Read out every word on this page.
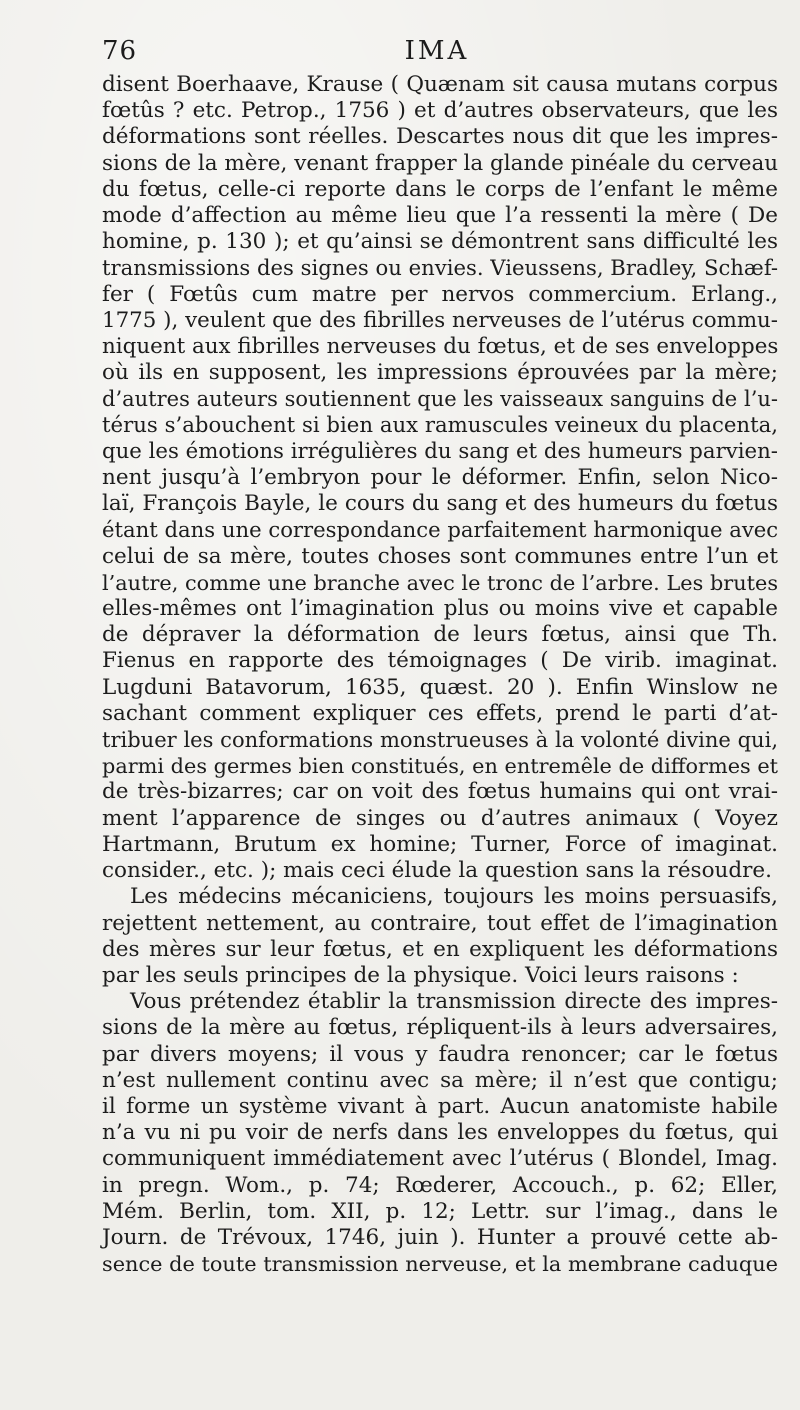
76	IMA
disent Boerhaave, Krause ( Quænam sit causa mutans corpus
fœtûs ? etc. Petrop., 1756 ) et d’autres observateurs, que les
déformations sont réelles. Descartes nous dit que les impres-
sions de la mère, venant frapper la glande pinéale du cerveau
du fœtus, celle-ci reporte dans le corps de l’enfant le même
mode d’affection au même lieu que l’a ressenti la mère ( De
homine, p. 130 ); et qu’ainsi se démontrent sans difficulté les
transmissions des signes ou envies. Vieussens, Bradley, Schæf-
fer ( Fœtûs cum matre per nervos commercium. Erlang.,
1775 ), veulent que des fibrilles nerveuses de l’utérus commu-
niquent aux fibrilles nerveuses du fœtus, et de ses enveloppes
où ils en supposent, les impressions éprouvées par la mère;
d’autres auteurs soutiennent que les vaisseaux sanguins de l’u-
térus s’abouchent si bien aux ramuscules veineux du placenta,
que les émotions irrégulières du sang et des humeurs parvien-
nent jusqu’à l’embryon pour le déformer. Enfin, selon Nico-
laï, François Bayle, le cours du sang et des humeurs du fœtus
étant dans une correspondance parfaitement harmonique avec
celui de sa mère, toutes choses sont communes entre l’un et
l’autre, comme une branche avec le tronc de l’arbre. Les brutes
elles-mêmes ont l’imagination plus ou moins vive et capable
de dépraver la déformation de leurs fœtus, ainsi que Th.
Fienus en rapporte des témoignages ( De virib. imaginat.
Lugduni Batavorum, 1635, quæst. 20 ). Enfin Winslow ne
sachant comment expliquer ces effets, prend le parti d’at-
tribuer les conformations monstrueuses à la volonté divine qui,
parmi des germes bien constitués, en entremêle de difformes et
de très-bizarres; car on voit des fœtus humains qui ont vrai-
ment l’apparence de singes ou d’autres animaux ( Voyez
Hartmann, Brutum ex homine; Turner, Force of imaginat.
consider., etc. ); mais ceci élude la question sans la résoudre.
Les médecins mécaniciens, toujours les moins persuasifs,
rejettent nettement, au contraire, tout effet de l’imagination
des mères sur leur fœtus, et en expliquent les déformations
par les seuls principes de la physique. Voici leurs raisons :
Vous prétendez établir la transmission directe des impres-
sions de la mère au fœtus, répliquent-ils à leurs adversaires,
par divers moyens; il vous y faudra renoncer; car le fœtus
n’est nullement continu avec sa mère; il n’est que contigu;
il forme un système vivant à part. Aucun anatomiste habile
n’a vu ni pu voir de nerfs dans les enveloppes du fœtus, qui
communiquent immédiatement avec l’utérus ( Blondel, Imag.
in pregn. Wom., p. 74; Rœderer, Accouch., p. 62; Eller,
Mém. Berlin, tom. XII, p. 12; Lettr. sur l’imag., dans le
Journ. de Trévoux, 1746, juin ). Hunter a prouvé cette ab-
sence de toute transmission nerveuse, et la membrane caduque
